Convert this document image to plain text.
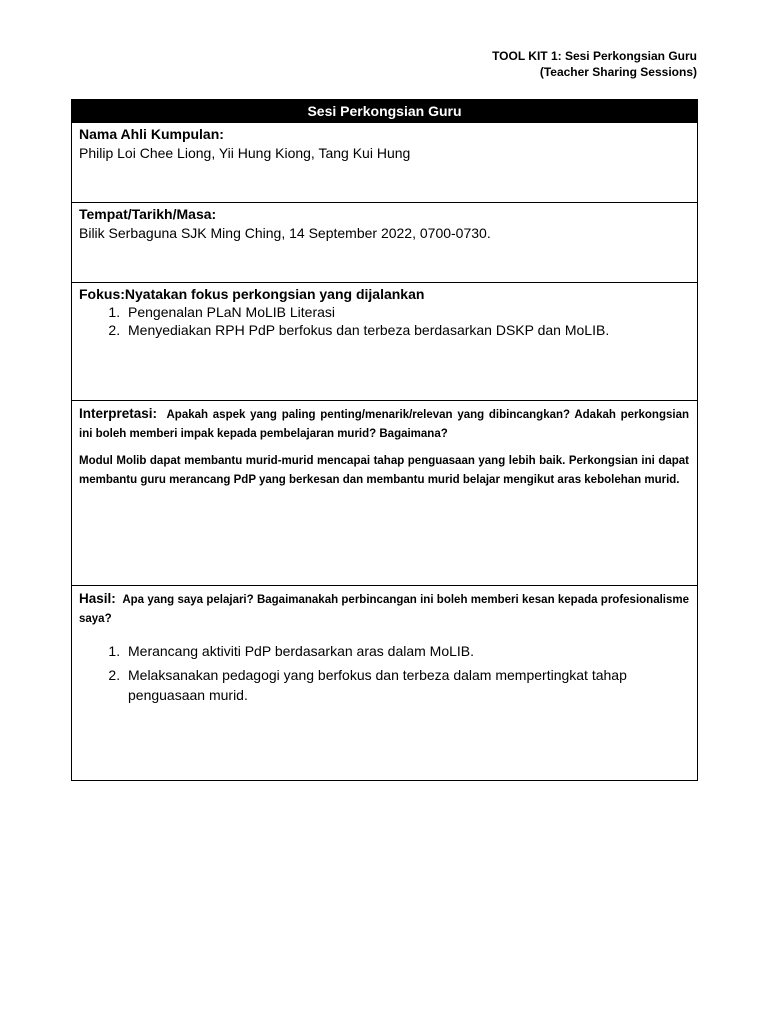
TOOL KIT 1: Sesi Perkongsian Guru
(Teacher Sharing Sessions)
Sesi Perkongsian Guru
Nama Ahli Kumpulan:
Philip Loi Chee Liong, Yii Hung Kiong, Tang Kui Hung
Tempat/Tarikh/Masa:
Bilik Serbaguna SJK Ming Ching, 14 September 2022, 0700-0730.
Fokus:Nyatakan fokus perkongsian yang dijalankan
1. Pengenalan PLaN MoLIB Literasi
2. Menyediakan RPH PdP berfokus dan terbeza berdasarkan DSKP dan MoLIB.
Interpretasi: Apakah aspek yang paling penting/menarik/relevan yang dibincangkan? Adakah perkongsian ini boleh memberi impak kepada pembelajaran murid? Bagaimana?
Modul Molib dapat membantu murid-murid mencapai tahap penguasaan yang lebih baik. Perkongsian ini dapat membantu guru merancang PdP yang berkesan dan membantu murid belajar mengikut aras kebolehan murid.
Hasil: Apa yang saya pelajari? Bagaimanakah perbincangan ini boleh memberi kesan kepada profesionalisme saya?
1. Merancang aktiviti PdP berdasarkan aras dalam MoLIB.
2. Melaksanakan pedagogi yang berfokus dan terbeza dalam mempertingkat tahap penguasaan murid.
